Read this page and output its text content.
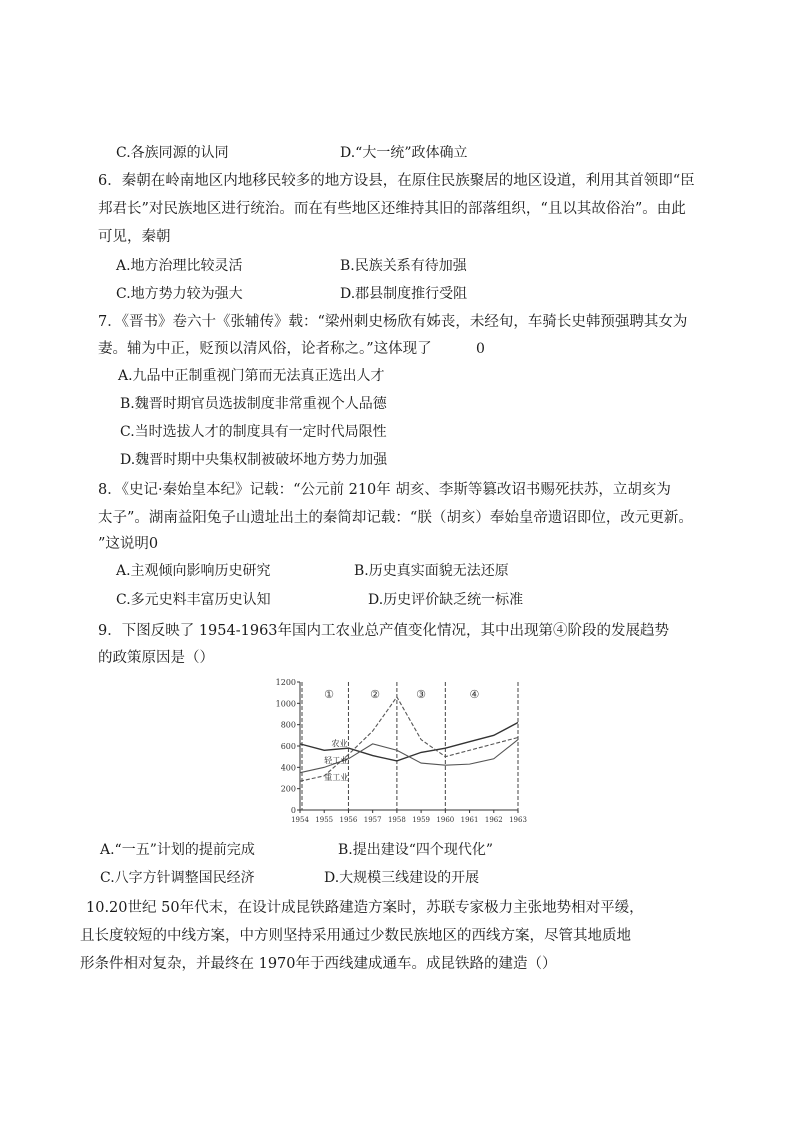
C.各族同源的认同	D.“大一统”政体确立
6．秦朝在岭南地区内地移民较多的地方设县，在原住民族聚居的地区设道，利用其首领即“臣
邦君长”对民族地区进行统治。而在有些地区还维持其旧的部落组织，“且以其故俗治”。由此
可见，秦朝
A.地方治理比较灵活	B.民族关系有待加强
C.地方势力较为强大	D.郡县制度推行受阻
7．《晋书》卷六十《张辅传》载：“梁州刺史杨欣有姊丧，未经旬，车骑长史韩预强聘其女为
妻。辅为中正，贬预以清风俗，论者称之。”这体现了	0
A.九品中正制重视门第而无法真正选出人才
B.魏晋时期官员选拔制度非常重视个人品德
C.当时选拔人才的制度具有一定时代局限性
D.魏晋时期中央集权制被破坏地方势力加强
8．《史记·秦始皇本纪》记载：“公元前 210年 胡亥、李斯等篡改诏书赐死扶苏，立胡亥为
太子”。湖南益阳兔子山遗址出土的秦简却记载：“朕（胡亥）奉始皇帝遗诏即位，改元更新。
”这说明0
A.主观倾向影响历史研究	B.历史真实面貌无法还原
C.多元史料丰富历史认知	D.历史评价缺乏统一标准
9．下图反映了 1954-1963年国内工农业总产值变化情况，其中出现第④阶段的发展趋势
的政策原因是（）
0
200
400
600
800
1000
1200
1954 1955 1956 1957 1958 1959 1960 1961 1962 1963
①	②	③	④
农业
轻工业
重工业
A.“一五”计划的提前完成	B.提出建设“四个现代化”
C.八字方针调整国民经济	D.大规模三线建设的开展
10.20世纪 50年代末，在设计成昆铁路建造方案时，苏联专家极力主张地势相对平缓，
且长度较短的中线方案，中方则坚持采用通过少数民族地区的西线方案，尽管其地质地
形条件相对复杂，并最终在 1970年于西线建成通车。成昆铁路的建造（）
